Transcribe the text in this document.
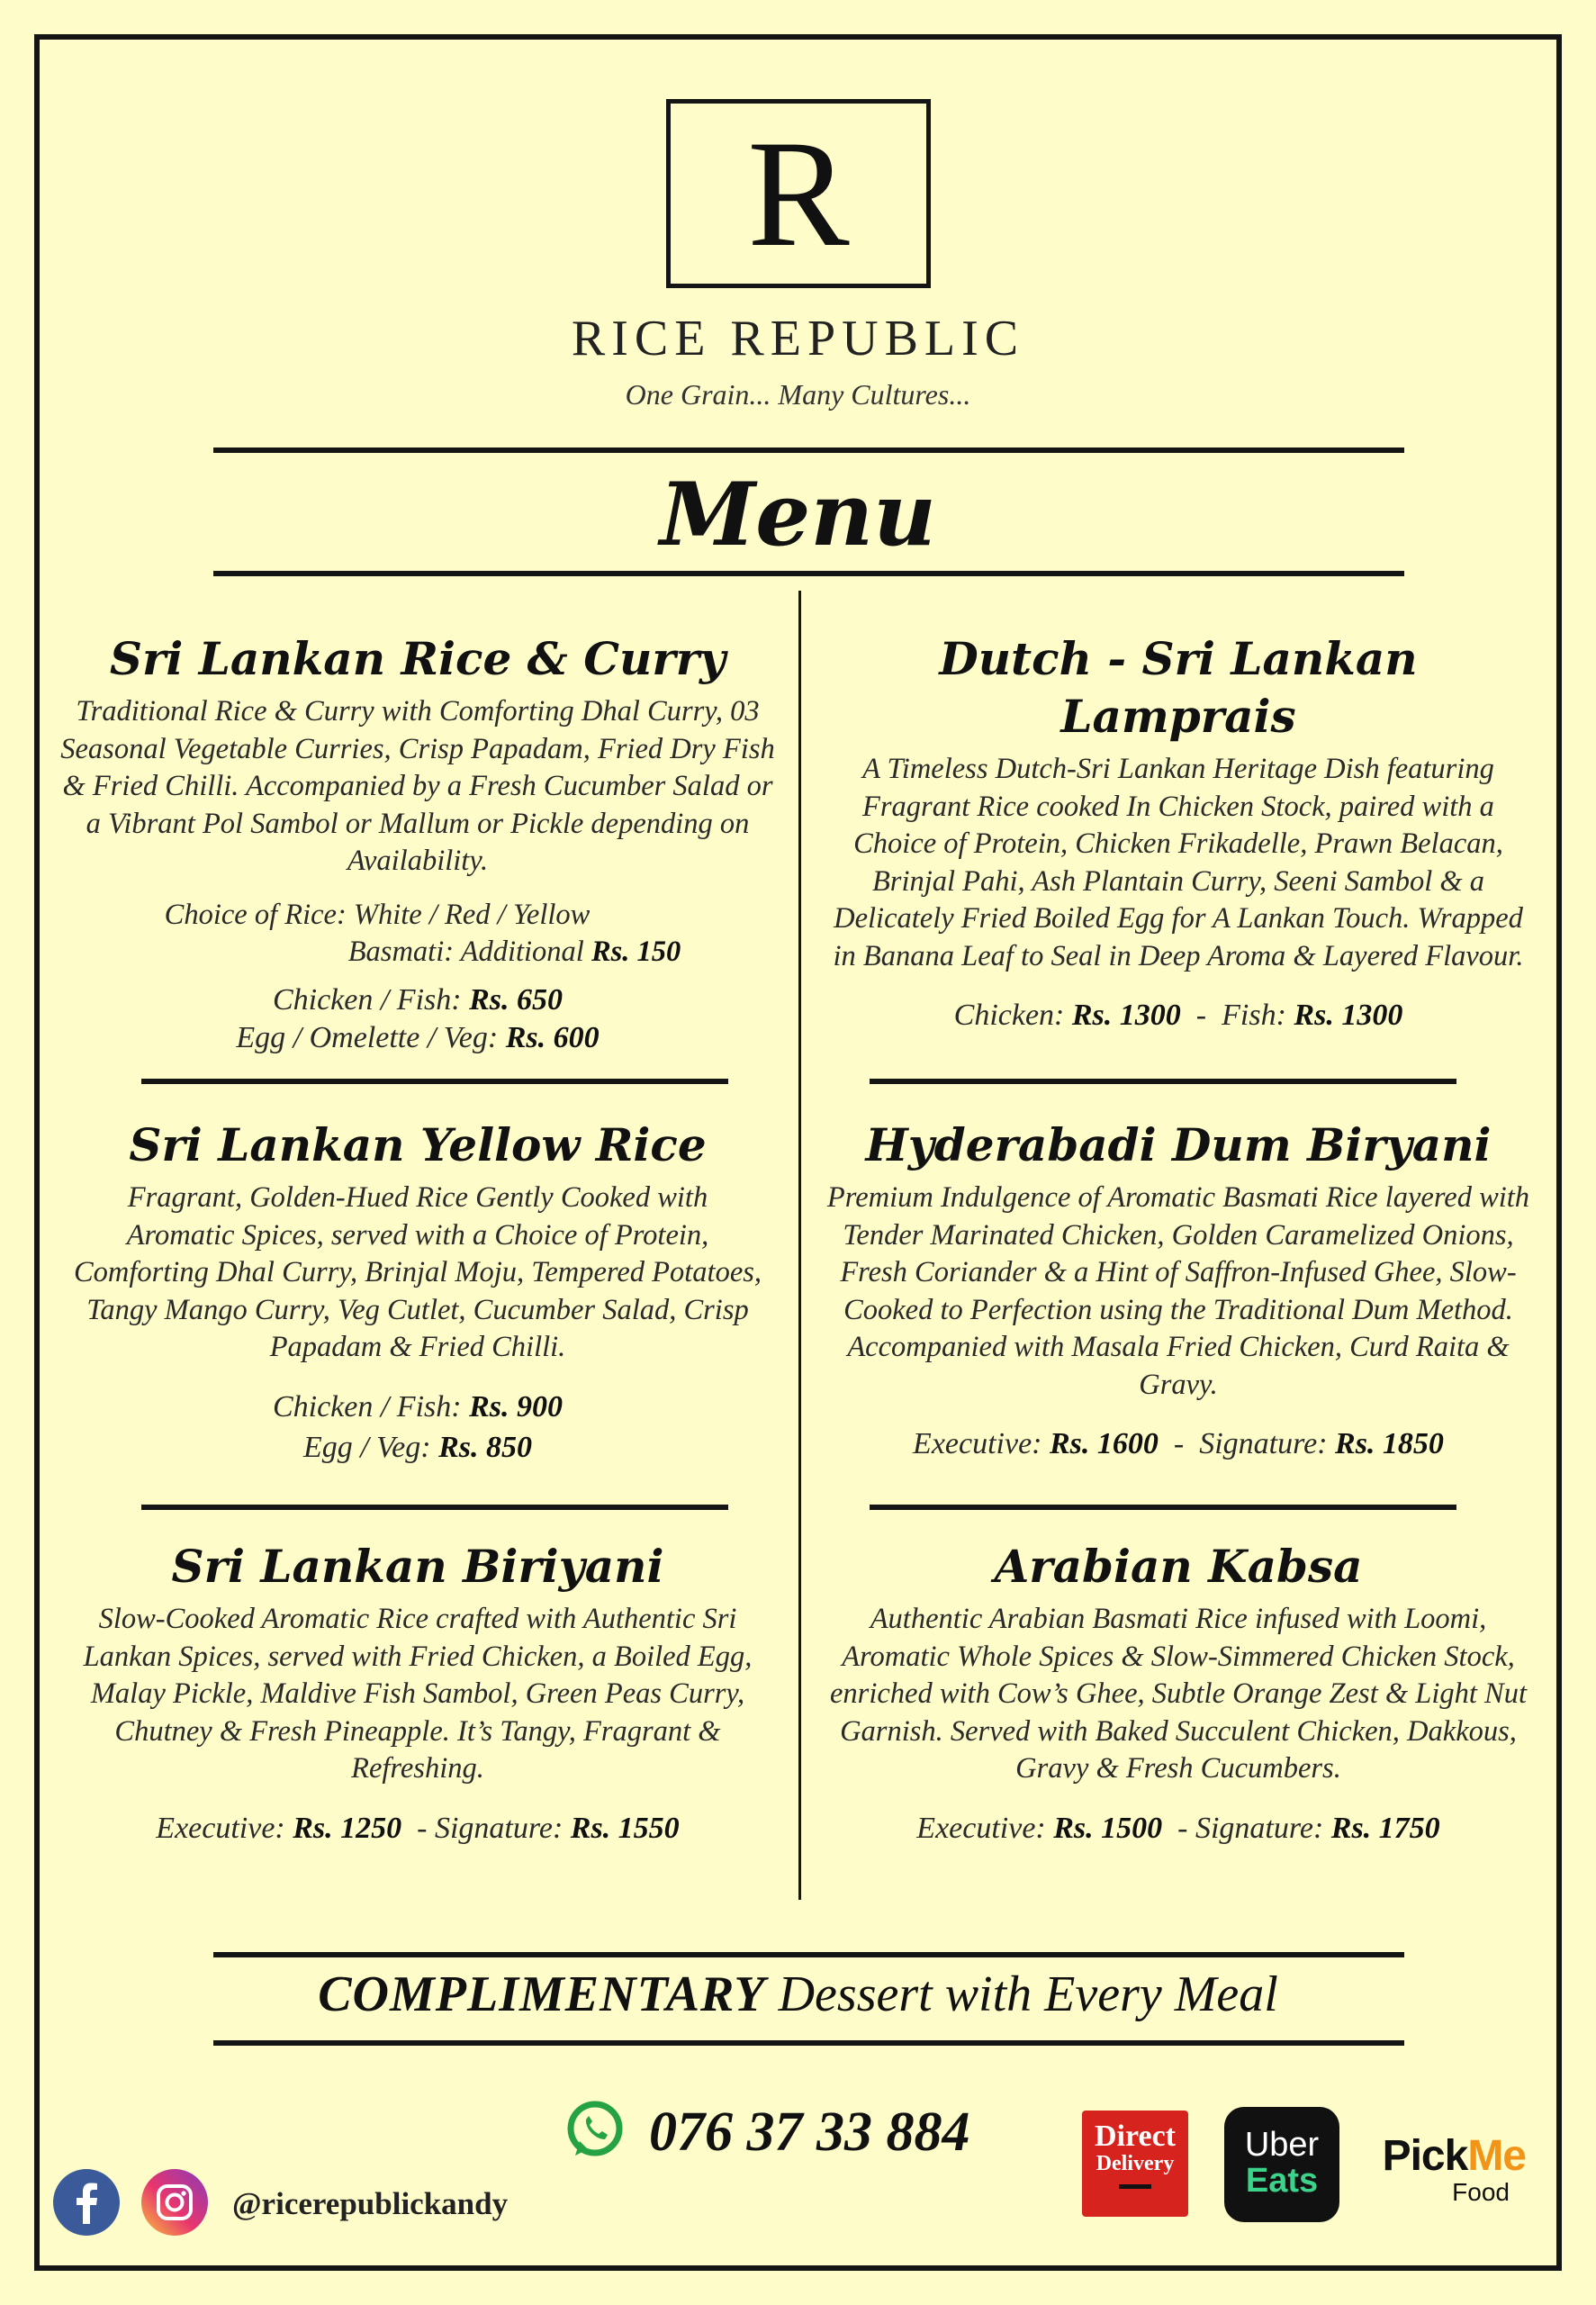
R
RICE REPUBLIC
One Grain... Many Cultures...
Menu
Sri Lankan Rice & Curry

Traditional Rice & Curry with Comforting Dhal Curry, 03 Seasonal Vegetable Curries, Crisp Papadam, Fried Dry Fish & Fried Chilli. Accompanied by a Fresh Cucumber Salad or a Vibrant Pol Sambol or Mallum or Pickle depending on Availability.

Choice of Rice: White / Red / Yellow
Basmati: Additional Rs. 150

Chicken / Fish: Rs. 650
Egg / Omelette / Veg: Rs. 600

Dutch - Sri Lankan Lamprais

A Timeless Dutch-Sri Lankan Heritage Dish featuring Fragrant Rice cooked In Chicken Stock, paired with a Choice of Protein, Chicken Frikadelle, Prawn Belacan, Brinjal Pahi, Ash Plantain Curry, Seeni Sambol & a Delicately Fried Boiled Egg for A Lankan Touch. Wrapped in Banana Leaf to Seal in Deep Aroma & Layered Flavour.

Chicken: Rs. 1300  -  Fish: Rs. 1300

Sri Lankan Yellow Rice

Fragrant, Golden-Hued Rice Gently Cooked with Aromatic Spices, served with a Choice of Protein, Comforting Dhal Curry, Brinjal Moju, Tempered Potatoes, Tangy Mango Curry, Veg Cutlet, Cucumber Salad, Crisp Papadam & Fried Chilli.

Chicken / Fish: Rs. 900
Egg / Veg: Rs. 850

Hyderabadi Dum Biryani

Premium Indulgence of Aromatic Basmati Rice layered with Tender Marinated Chicken, Golden Caramelized Onions, Fresh Coriander & a Hint of Saffron-Infused Ghee, Slow-Cooked to Perfection using the Traditional Dum Method. Accompanied with Masala Fried Chicken, Curd Raita & Gravy.

Executive: Rs. 1600  -  Signature: Rs. 1850

Sri Lankan Biriyani

Slow-Cooked Aromatic Rice crafted with Authentic Sri Lankan Spices, served with Fried Chicken, a Boiled Egg, Malay Pickle, Maldive Fish Sambol, Green Peas Curry, Chutney & Fresh Pineapple. It’s Tangy, Fragrant & Refreshing.

Executive: Rs. 1250  - Signature: Rs. 1550

Arabian Kabsa

Authentic Arabian Basmati Rice infused with Loomi, Aromatic Whole Spices & Slow-Simmered Chicken Stock, enriched with Cow’s Ghee, Subtle Orange Zest & Light Nut Garnish. Served with Baked Succulent Chicken, Dakkous, Gravy & Fresh Cucumbers.

Executive: Rs. 1500  - Signature: Rs. 1750

COMPLIMENTARY Dessert with Every Meal
076 37 33 884
@ricerepublickandy
Direct
Delivery	Uber
Eats
PickMe
Food
